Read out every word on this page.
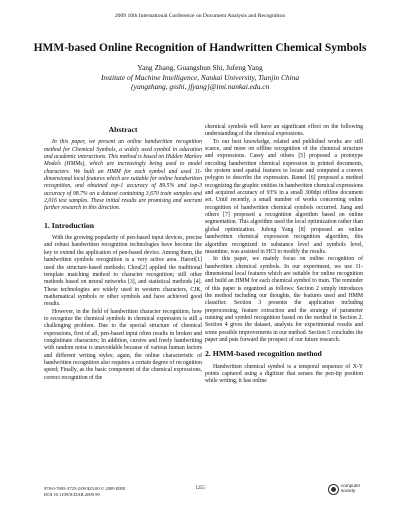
2009 10th International Conference on Document Analysis and Recognition
HMM-based Online Recognition of Handwritten Chemical Symbols
Yang Zhang, Guangshun Shi, Jufeng Yang
Institute of Machine Intelligence, Nankai University, Tianjin China
{yangzhang, gsshi, jfyang}@imi.nankai.edu.cn
Abstract

In this paper, we present an online handwritten recognition method for Chemical Symbols, a widely used symbol in education and academic interactions. This method is based on Hidden Markov Models (HMMs), which are increasingly being used to model characters. We built an HMM for each symbol and used 11-dimensional local features which are suitable for online handwritten recognition, and obtained top-1 accuracy of 89.5% and top-3 accuracy of 98.7% on a dataset containing 3,670 train samples and 2,016 test samples. These initial results are promising and warrant further research in this direction.

1. Introduction

With the growing popularity of pen-based input devices, precise and robust handwritten recognition technologies have become the key to extend the application of pen-based device. Among them, the handwritten symbols recognition is a very active area. Hatori[1] used the structure-based methods; Chou[2] applied the traditional template matching method to character recognition; still other methods based on neural networks [3], and statistical methods [4]. These technologies are widely used in western characters, CJK, mathematical symbols or other symbols and have achieved good results.

However, in the field of handwritten character recognition, how to recognize the chemical symbols in chemical expression is still a challenging problem. Due to the special structure of chemical expressions, first of all, pen-based input often results in broken and conglutinate characters; In addition, cursive and freely handwriting with random noise is unavoidable because of various human factors and different writing styles; again, the online characteristic of handwritten recognition also requires a certain degree of recognition speed; Finally, as the basic component of the chemical expressions, correct recognition of the

chemical symbols will have an significant effect on the following understanding of the chemical expressions.

To our best knowledge, related and published works are still scarce, and more on offline recognition of the chemical structure and expressions. Casey and others [5] proposed a prototype encoding handwritten chemical expression in printed documents, the system used spatial features to locate and computed a convex polygon to describe the expression. Ramel [6] proposed a method recognizing the graphic entities in handwritten chemical expressions and acquired accuracy of 93% in a small 300dpi offline document set. Until recently, a small number of works concerning online recognition of handwritten chemical symbols occurred. Jiang and others [7] proposed a recognition algorithm based on online segmentation. This algorithm used the local optimization rather than global optimization. Jufeng Yang [8] proposed an online handwritten chemical expression recognition algorithm, this algorithm recognized in substance level and symbols level, meantime, was assisted in HCI to modify the results.

In this paper, we mainly focus on online recognition of handwritten chemical symbols. In our experiment, we use 11-dimensional local features which are suitable for online recognition and build an HMM for each chemical symbol to train. The reminder of this paper is organized as follows: Section 2 simply introduces the method including our thoughts, the features used and HMM classifier. Section 3 presents the application including preprocessing, feature extraction and the strategy of parameter training and symbol recognition based on the method in Section 2. Section 4 gives the dataset, analysis for experimental results and some possible improvements in our method. Section 5 concludes the paper and puts forward the prospect of our future research.

2. HMM-based recognition method

Handwritten chemical symbol is a temporal sequence of X-Y points captured using a digitizer that senses the pen-tip position while writing, it has online

978-0-7695-3725-2/09 $25.00 © 2009 IEEE
DOI 10.1109/ICDAR.2009.99
1255
computer society
